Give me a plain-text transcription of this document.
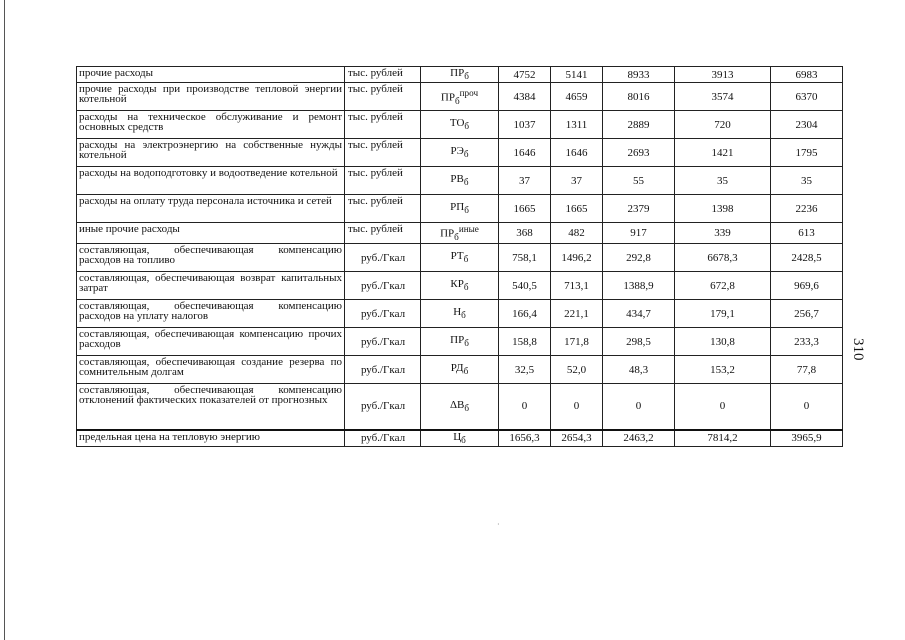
прочие расходы	тыс. рублей	$ПР_б$	4752	5141	8933	3913	6983
прочие расходы при производстве тепловой энергии котельной	тыс. рублей	$ПР_б^{проч}$	4384	4659	8016	3574	6370
расходы на техническое обслуживание и ремонт основных средств	тыс. рублей	$ТО_б$	1037	1311	2889	720	2304
расходы на электроэнергию на собственные нужды котельной	тыс. рублей	$РЭ_б$	1646	1646	2693	1421	1795
расходы на водоподготовку и водоотведение котельной	тыс. рублей	$РВ_б$	37	37	55	35	35
расходы на оплату труда персонала источника и сетей	тыс. рублей	$РП_б$	1665	1665	2379	1398	2236
иные прочие расходы	тыс. рублей	$ПР_б^{иные}$	368	482	917	339	613
составляющая, обеспечивающая компенсацию расходов на топливо	руб./Гкал	$РТ_б$	758,1	1496,2	292,8	6678,3	2428,5
составляющая, обеспечивающая возврат капитальных затрат	руб./Гкал	$КР_б$	540,5	713,1	1388,9	672,8	969,6
составляющая, обеспечивающая компенсацию расходов на уплату налогов	руб./Гкал	$Н_б$	166,4	221,1	434,7	179,1	256,7
составляющая, обеспечивающая компенсацию прочих расходов	руб./Гкал	$ПР_б$	158,8	171,8	298,5	130,8	233,3
составляющая, обеспечивающая создание резерва по сомнительным долгам	руб./Гкал	$РД_б$	32,5	52,0	48,3	153,2	77,8
составляющая, обеспечивающая компенсацию отклонений фактических показателей от прогнозных	руб./Гкал	$\Delta В_б$	0	0	0	0	0
предельная цена на тепловую энергию	руб./Гкал	$Ц_б$	1656,3	2654,3	2463,2	7814,2	3965,9
310
·
